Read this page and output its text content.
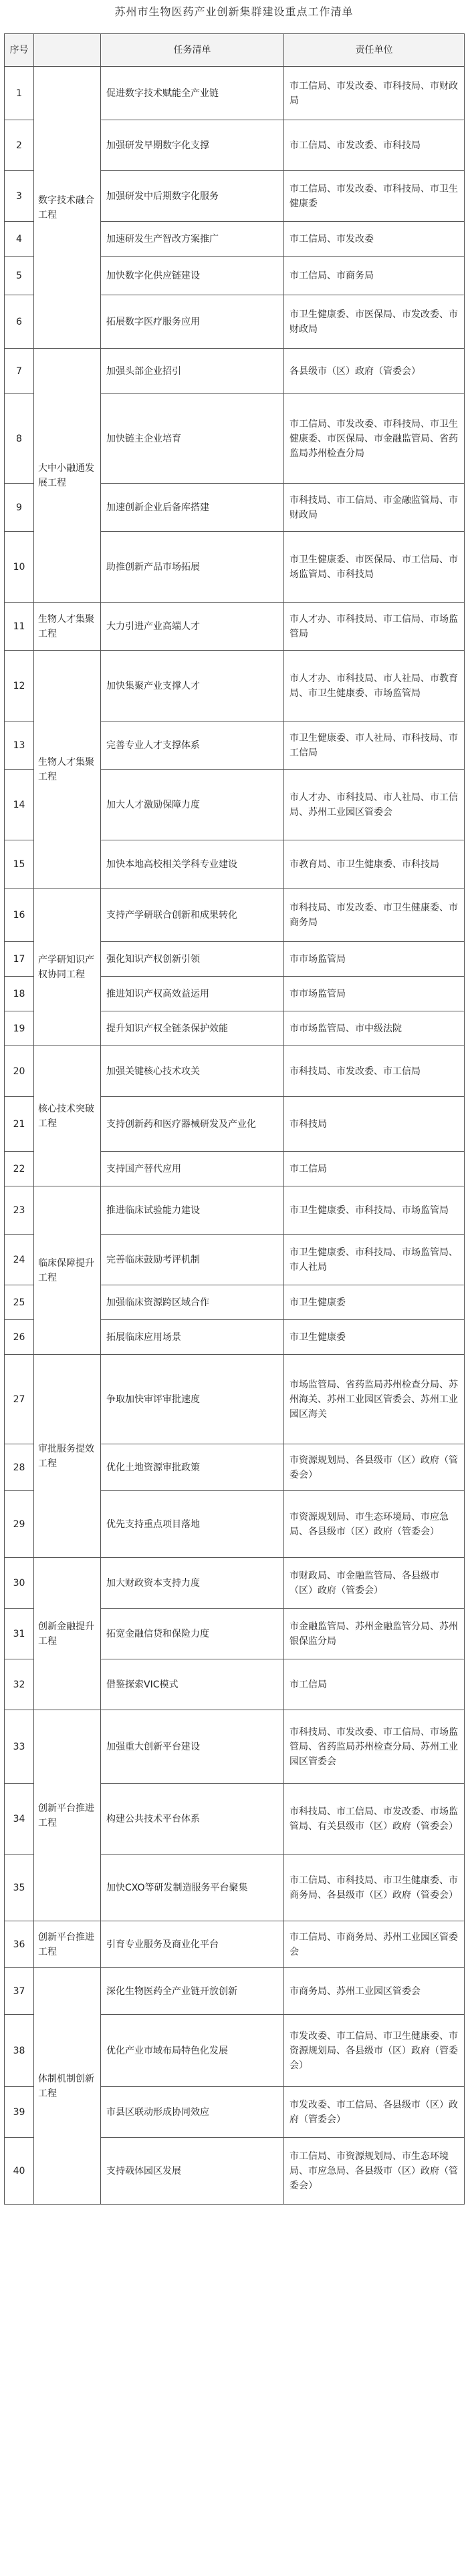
苏州市生物医药产业创新集群建设重点工作清单
序号		任务清单	责任单位
1	数字技术融合工程	促进数字技术赋能全产业链	市工信局、市发改委、市科技局、市财政局
2		加强研发早期数字化支撑	市工信局、市发改委、市科技局
3		加强研发中后期数字化服务	市工信局、市发改委、市科技局、市卫生健康委
4		加速研发生产智改方案推广	市工信局、市发改委
5		加快数字化供应链建设	市工信局、市商务局
6		拓展数字医疗服务应用	市卫生健康委、市医保局、市发改委、市财政局
7	大中小融通发展工程	加强头部企业招引	各县级市（区）政府（管委会）
8		加快链主企业培育	市工信局、市发改委、市科技局、市卫生健康委、市医保局、市金融监管局、省药监局苏州检查分局
9		加速创新企业后备库搭建	市科技局、市工信局、市金融监管局、市财政局
10		助推创新产品市场拓展	市卫生健康委、市医保局、市工信局、市场监管局、市科技局
11	生物人才集聚工程	大力引进产业高端人才	市人才办、市科技局、市工信局、市场监管局
12	生物人才集聚工程	加快集聚产业支撑人才	市人才办、市科技局、市人社局、市教育局、市卫生健康委、市场监管局
13		完善专业人才支撑体系	市卫生健康委、市人社局、市科技局、市工信局
14		加大人才激励保障力度	市人才办、市科技局、市人社局、市工信局、苏州工业园区管委会
15		加快本地高校相关学科专业建设	市教育局、市卫生健康委、市科技局
16	产学研知识产权协同工程	支持产学研联合创新和成果转化	市科技局、市发改委、市卫生健康委、市商务局
17		强化知识产权创新引领	市市场监管局
18		推进知识产权高效益运用	市市场监管局
19		提升知识产权全链条保护效能	市市场监管局、市中级法院
20	核心技术突破工程	加强关键核心技术攻关	市科技局、市发改委、市工信局
21		支持创新药和医疗器械研发及产业化	市科技局
22		支持国产替代应用	市工信局
23	临床保障提升工程	推进临床试验能力建设	市卫生健康委、市科技局、市场监管局
24		完善临床鼓励考评机制	市卫生健康委、市科技局、市场监管局、市人社局
25		加强临床资源跨区域合作	市卫生健康委
26		拓展临床应用场景	市卫生健康委
27	审批服务提效工程	争取加快审评审批速度	市场监管局、省药监局苏州检查分局、苏州海关、苏州工业园区管委会、苏州工业园区海关
28		优化土地资源审批政策	市资源规划局、各县级市（区）政府（管委会）
29		优先支持重点项目落地	市资源规划局、市生态环境局、市应急局、各县级市（区）政府（管委会）
30	创新金融提升工程	加大财政资本支持力度	市财政局、市金融监管局、各县级市（区）政府（管委会）
31		拓宽金融信贷和保险力度	市金融监管局、苏州金融监管分局、苏州银保监分局
32		借鉴探索VIC模式	市工信局
33	创新平台推进工程	加强重大创新平台建设	市科技局、市发改委、市工信局、市场监管局、省药监局苏州检查分局、苏州工业园区管委会
34		构建公共技术平台体系	市科技局、市工信局、市发改委、市场监管局、有关县级市（区）政府（管委会）
35		加快CXO等研发制造服务平台聚集	市工信局、市科技局、市卫生健康委、市商务局、各县级市（区）政府（管委会）
36	创新平台推进工程	引育专业服务及商业化平台	市工信局、市商务局、苏州工业园区管委会
37	体制机制创新工程	深化生物医药全产业链开放创新	市商务局、苏州工业园区管委会
38		优化产业市域布局特色化发展	市发改委、市工信局、市卫生健康委、市资源规划局、各县级市（区）政府（管委会）
39		市县区联动形成协同效应	市发改委、市工信局、各县级市（区）政府（管委会）
40		支持载体园区发展	市工信局、市资源规划局、市生态环境局、市应急局、各县级市（区）政府（管委会）
